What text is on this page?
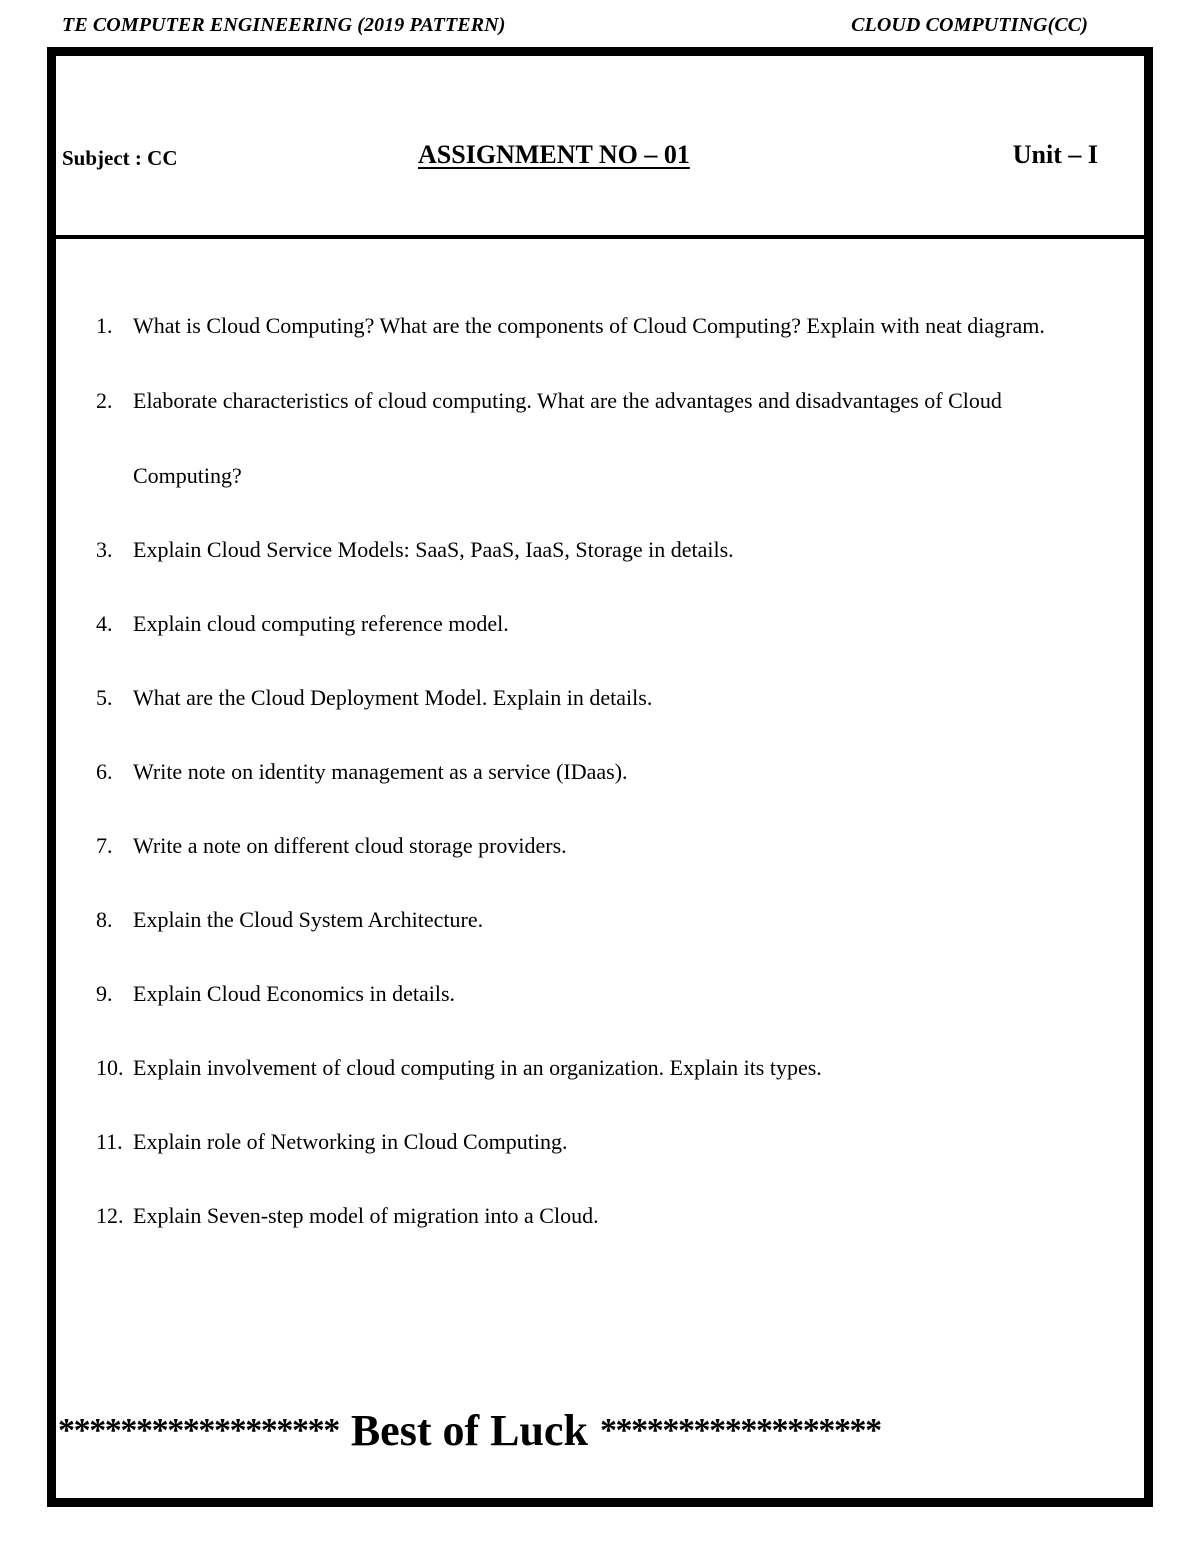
TE COMPUTER ENGINEERING (2019 PATTERN)	CLOUD COMPUTING(CC)
Subject : CC	ASSIGNMENT NO – 01	Unit – I
1. What is Cloud Computing? What are the components of Cloud Computing? Explain with neat diagram.
2. Elaborate characteristics of cloud computing. What are the advantages and disadvantages of Cloud Computing?
3. Explain Cloud Service Models: SaaS, PaaS, IaaS, Storage in details.
4. Explain cloud computing reference model.
5. What are the Cloud Deployment Model. Explain in details.
6. Write note on identity management as a service (IDaas).
7. Write a note on different cloud storage providers.
8. Explain the Cloud System Architecture.
9. Explain Cloud Economics in details.
10. Explain involvement of cloud computing in an organization. Explain its types.
11. Explain role of Networking in Cloud Computing.
12. Explain Seven-step model of migration into a Cloud.
****************** Best of Luck ******************
